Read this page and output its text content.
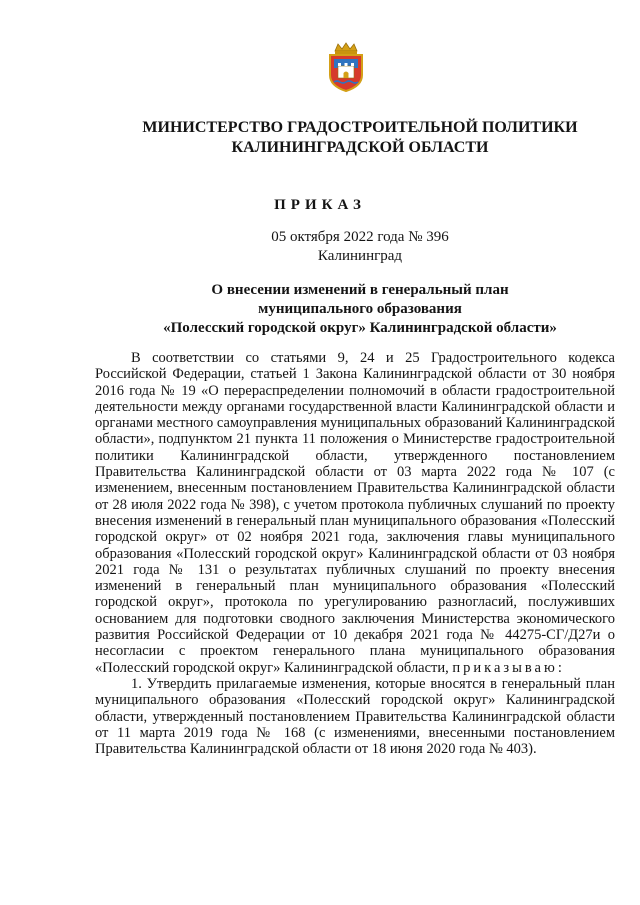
МИНИСТЕРСТВО ГРАДОСТРОИТЕЛЬНОЙ ПОЛИТИКИ
КАЛИНИНГРАДСКОЙ ОБЛАСТИ
ПРИКАЗ
05 октября 2022 года № 396
Калининград
О внесении изменений в генеральный план
муниципального образования
«Полесский городской округ» Калининградской области»

В соответствии со статьями 9, 24 и 25 Градостроительного кодекса Российской Федерации, статьей 1 Закона Калининградской области от 30 ноября 2016 года № 19 «О перераспределении полномочий в области градостроительной деятельности между органами государственной власти Калининградской области и органами местного самоуправления муниципальных образований Калининградской области», подпунктом 21 пункта 11 положения о Министерстве градостроительной политики Калининградской области, утвержденного постановлением Правительства Калининградской области от 03 марта 2022 года № 107 (с изменением, внесенным постановлением Правительства Калининградской области от 28 июля 2022 года № 398), с учетом протокола публичных слушаний по проекту внесения изменений в генеральный план муниципального образования «Полесский городской округ» от 02 ноября 2021 года, заключения главы муниципального образования «Полесский городской округ» Калининградской области от 03 ноября 2021 года № 131 о результатах публичных слушаний по проекту внесения изменений в генеральный план муниципального образования «Полесский городской округ», протокола по урегулированию разногласий, послуживших основанием для подготовки сводного заключения Министерства экономического развития Российской Федерации от 10 декабря 2021 года № 44275-СГ/Д27и о несогласии с проектом генерального плана муниципального образования «Полесский городской округ» Калининградской области, приказываю:

1. Утвердить прилагаемые изменения, которые вносятся в генеральный план муниципального образования «Полесский городской округ» Калининградской области, утвержденный постановлением Правительства Калининградской области от 11 марта 2019 года № 168 (с изменениями, внесенными постановлением Правительства Калининградской области от 18 июня 2020 года № 403).
